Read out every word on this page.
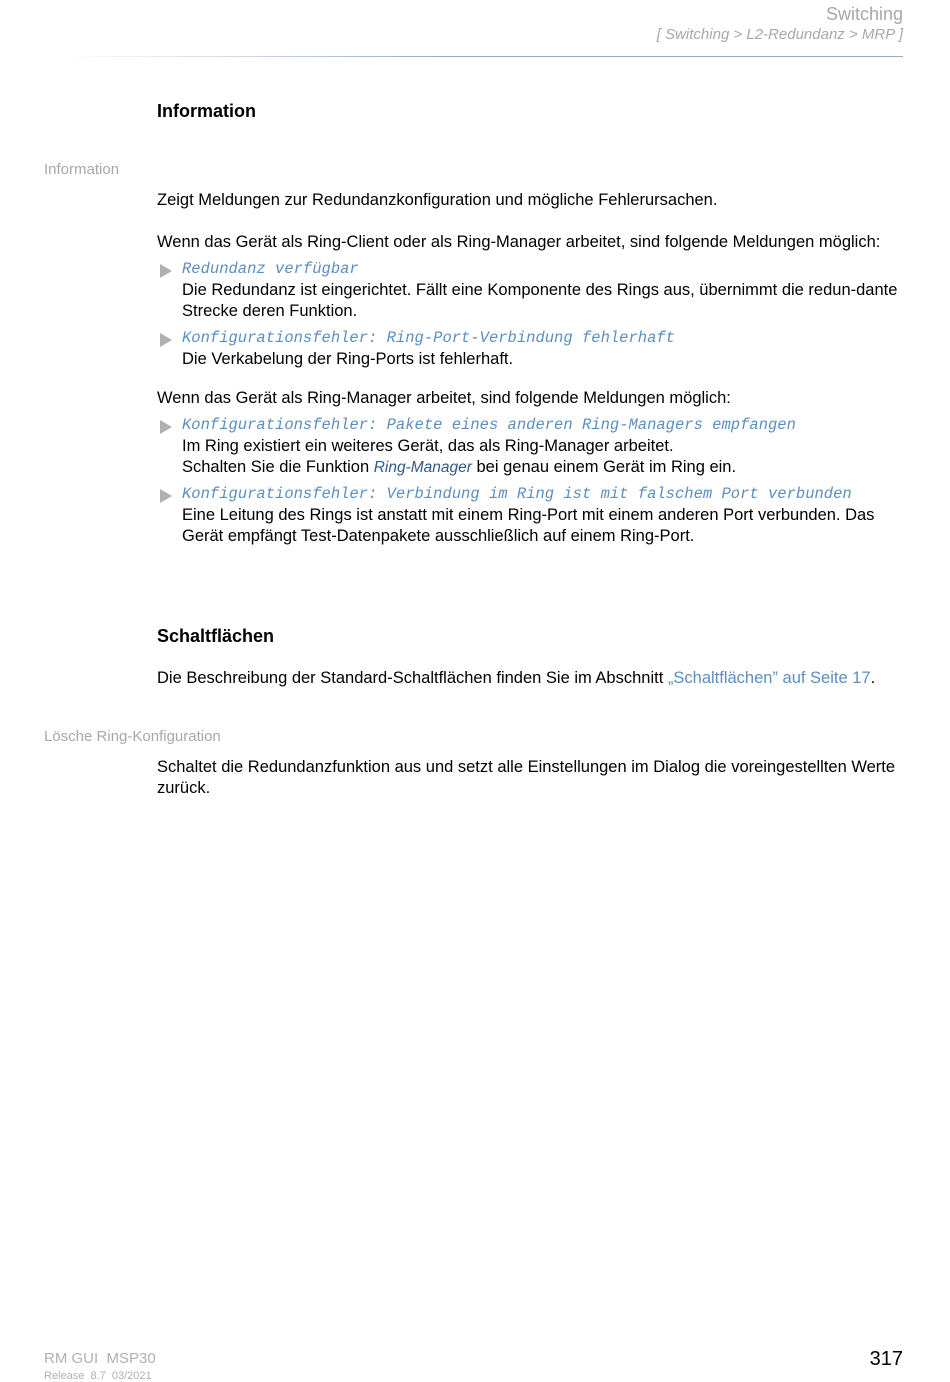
Switching
[ Switching > L2-Redundanz > MRP ]
Information
Information
Zeigt Meldungen zur Redundanzkonfiguration und mögliche Fehlerursachen.
Wenn das Gerät als Ring-Client oder als Ring-Manager arbeitet, sind folgende Meldungen möglich:
Redundanz verfügbar
Die Redundanz ist eingerichtet. Fällt eine Komponente des Rings aus, übernimmt die redun-dante Strecke deren Funktion.
Konfigurationsfehler: Ring-Port-Verbindung fehlerhaft
Die Verkabelung der Ring-Ports ist fehlerhaft.
Wenn das Gerät als Ring-Manager arbeitet, sind folgende Meldungen möglich:
Konfigurationsfehler: Pakete eines anderen Ring-Managers empfangen
Im Ring existiert ein weiteres Gerät, das als Ring-Manager arbeitet.
Schalten Sie die Funktion Ring-Manager bei genau einem Gerät im Ring ein.
Konfigurationsfehler: Verbindung im Ring ist mit falschem Port verbunden
Eine Leitung des Rings ist anstatt mit einem Ring-Port mit einem anderen Port verbunden. Das Gerät empfängt Test-Datenpakete ausschließlich auf einem Ring-Port.
Schaltflächen
Die Beschreibung der Standard-Schaltflächen finden Sie im Abschnitt „Schaltflächen” auf Seite 17.
Lösche Ring-Konfiguration
Schaltet die Redundanzfunktion aus und setzt alle Einstellungen im Dialog die voreingestellten Werte zurück.
RM GUI  MSP30
Release  8.7  03/2021
317
